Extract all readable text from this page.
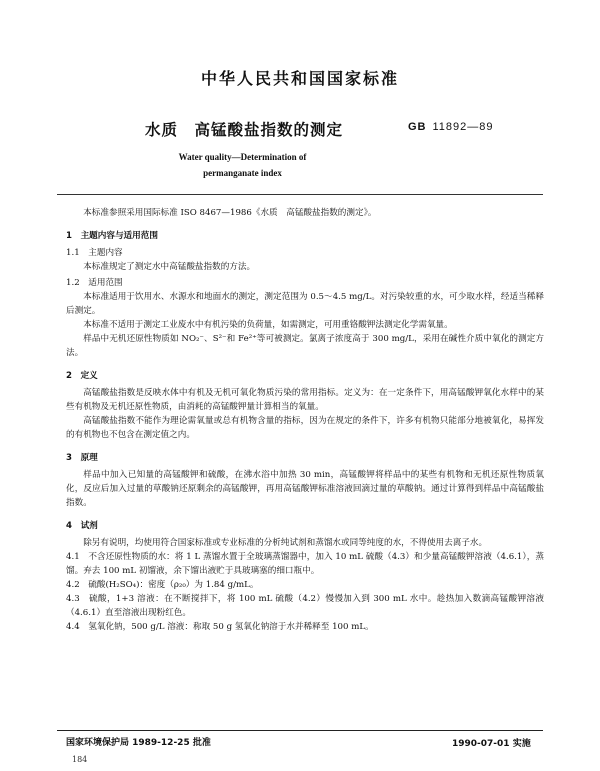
中华人民共和国国家标准
水质　高锰酸盐指数的测定	GB 11892—89
Water quality—Determination of
permanganate index

本标准参照采用国际标准 ISO 8467—1986《水质　高锰酸盐指数的测定》。

1　主题内容与适用范围

1.1　主题内容

本标准规定了测定水中高锰酸盐指数的方法。

1.2　适用范围

本标准适用于饮用水、水源水和地面水的测定，测定范围为 0.5～4.5 mg/L。对污染较重的水，可少取水样，经适当稀释后测定。

本标准不适用于测定工业废水中有机污染的负荷量，如需测定，可用重铬酸钾法测定化学需氧量。

样品中无机还原性物质如 NO₂⁻、S²⁻和 Fe²⁺等可被测定。氯离子浓度高于 300 mg/L，采用在碱性介质中氧化的测定方法。

2　定义

高锰酸盐指数是反映水体中有机及无机可氧化物质污染的常用指标。定义为：在一定条件下，用高锰酸钾氧化水样中的某些有机物及无机还原性物质，由消耗的高锰酸钾量计算相当的氧量。

高锰酸盐指数不能作为理论需氧量或总有机物含量的指标，因为在规定的条件下，许多有机物只能部分地被氧化，易挥发的有机物也不包含在测定值之内。

3　原理

样品中加入已知量的高锰酸钾和硫酸，在沸水浴中加热 30 min，高锰酸钾将样品中的某些有机物和无机还原性物质氧化，反应后加入过量的草酸钠还原剩余的高锰酸钾，再用高锰酸钾标准溶液回滴过量的草酸钠。通过计算得到样品中高锰酸盐指数。

4　试剂

除另有说明，均使用符合国家标准或专业标准的分析纯试剂和蒸馏水或同等纯度的水，不得使用去离子水。

4.1　不含还原性物质的水：将 1 L 蒸馏水置于全玻璃蒸馏器中，加入 10 mL 硫酸（4.3）和少量高锰酸钾溶液（4.6.1），蒸馏。弃去 100 mL 初馏液，余下馏出液贮于具玻璃塞的细口瓶中。

4.2　硫酸(H₂SO₄)：密度（ρ₂₀）为 1.84 g/mL。

4.3　硫酸，1+3 溶液：在不断搅拌下，将 100 mL 硫酸（4.2）慢慢加入到 300 mL 水中。趁热加入数滴高锰酸钾溶液（4.6.1）直至溶液出现粉红色。

4.4　氢氧化钠，500 g/L 溶液：称取 50 g 氢氧化钠溶于水并稀释至 100 mL。

国家环境保护局 1989-12-25 批准	1990-07-01 实施
184
